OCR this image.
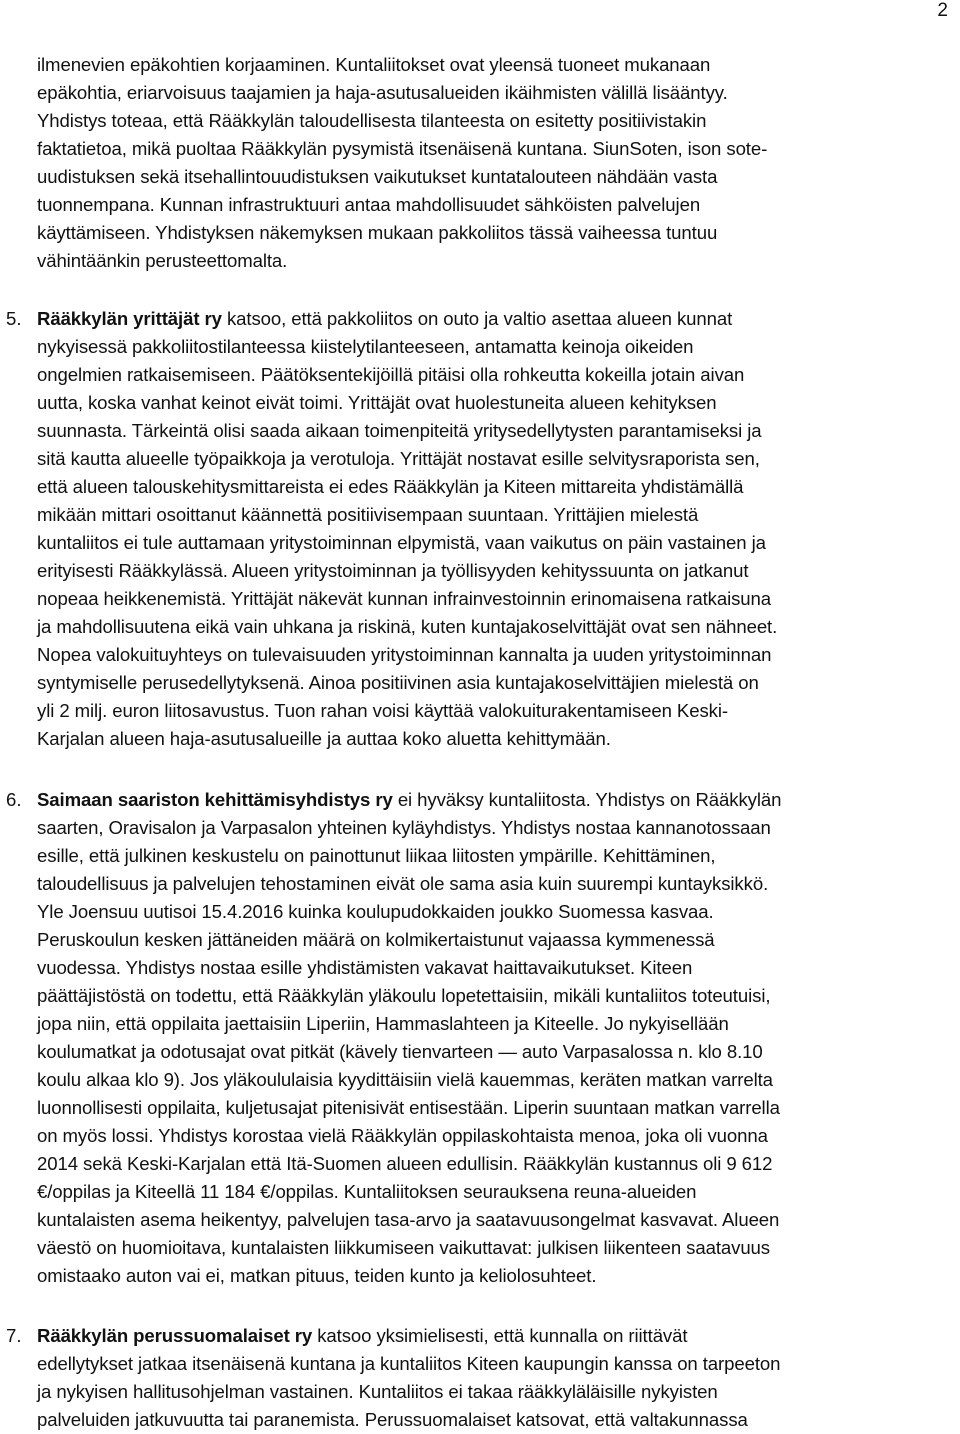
2
ilmenevien epäkohtien korjaaminen. Kuntaliitokset ovat yleensä tuoneet mukanaan
epäkohtia, eriarvoisuus taajamien ja haja-asutusalueiden ikäihmisten välillä lisääntyy.
Yhdistys toteaa, että Rääkkylän taloudellisesta tilanteesta on esitetty positiivistakin
faktatietoa, mikä puoltaa Rääkkylän pysymistä itsenäisenä kuntana. SiunSoten, ison sote-
uudistuksen sekä itsehallintouudistuksen vaikutukset kuntatalouteen nähdään vasta
tuonnempana. Kunnan infrastruktuuri antaa mahdollisuudet sähköisten palvelujen
käyttämiseen. Yhdistyksen näkemyksen mukaan pakkoliitos tässä vaiheessa tuntuu
vähintäänkin perusteettomalta.
5. Rääkkylän yrittäjät ry katsoo, että pakkoliitos on outo ja valtio asettaa alueen kunnat
nykyisessä pakkoliitostilanteessa kiistelytilanteeseen, antamatta keinoja oikeiden
ongelmien ratkaisemiseen. Päätöksentekijöillä pitäisi olla rohkeutta kokeilla jotain aivan
uutta, koska vanhat keinot eivät toimi. Yrittäjät ovat huolestuneita alueen kehityksen
suunnasta. Tärkeintä olisi saada aikaan toimenpiteitä yritysedellytysten parantamiseksi ja
sitä kautta alueelle työpaikkoja ja verotuloja. Yrittäjät nostavat esille selvitysraporista sen,
että alueen talouskehitysmittareista ei edes Rääkkylän ja Kiteen mittareita yhdistämällä
mikään mittari osoittanut käännettä positiivisempaan suuntaan. Yrittäjien mielestä
kuntaliitos ei tule auttamaan yritystoiminnan elpymistä, vaan vaikutus on päin vastainen ja
erityisesti Rääkkylässä. Alueen yritystoiminnan ja työllisyyden kehityssuunta on jatkanut
nopeaa heikkenemistä. Yrittäjät näkevät kunnan infrainvestoinnin erinomaisena ratkaisuna
ja mahdollisuutena eikä vain uhkana ja riskinä, kuten kuntajakoselvittäjät ovat sen nähneet.
Nopea valokuituyhteys on tulevaisuuden yritystoiminnan kannalta ja uuden yritystoiminnan
syntymiselle perusedellytyksenä. Ainoa positiivinen asia kuntajakoselvittäjien mielestä on
yli 2 milj. euron liitosavustus. Tuon rahan voisi käyttää valokuiturakentamiseen Keski-
Karjalan alueen haja-asutusalueille ja auttaa koko aluetta kehittymään.
6. Saimaan saariston kehittämisyhdistys ry ei hyväksy kuntaliitosta. Yhdistys on Rääkkylän
saarten, Oravisalon ja Varpasalon yhteinen kyläyhdistys. Yhdistys nostaa kannanotossaan
esille, että julkinen keskustelu on painottunut liikaa liitosten ympärille. Kehittäminen,
taloudellisuus ja palvelujen tehostaminen eivät ole sama asia kuin suurempi kuntayksikkö.
Yle Joensuu uutisoi 15.4.2016 kuinka koulupudokkaiden joukko Suomessa kasvaa.
Peruskoulun kesken jättäneiden määrä on kolmikertaistunut vajaassa kymmenessä
vuodessa. Yhdistys nostaa esille yhdistämisten vakavat haittavaikutukset. Kiteen
päättäjistöstä on todettu, että Rääkkylän yläkoulu lopetettaisiin, mikäli kuntaliitos toteutuisi,
jopa niin, että oppilaita jaettaisiin Liperiin, Hammaslahteen ja Kiteelle. Jo nykyisellään
koulumatkat ja odotusajat ovat pitkät (kävely tienvarteen — auto Varpasalossa n. klo 8.10
koulu alkaa klo 9). Jos yläkoululaisia kyydittäisiin vielä kauemmas, keräten matkan varrelta
luonnollisesti oppilaita, kuljetusajat pitenisivät entisestään. Liperin suuntaan matkan varrella
on myös lossi. Yhdistys korostaa vielä Rääkkylän oppilaskohtaista menoa, joka oli vuonna
2014 sekä Keski-Karjalan että Itä-Suomen alueen edullisin. Rääkkylän kustannus oli 9 612
€/oppilas ja Kiteellä 11 184 €/oppilas. Kuntaliitoksen seurauksena reuna-alueiden
kuntalaisten asema heikentyy, palvelujen tasa-arvo ja saatavuusongelmat kasvavat. Alueen
väestö on huomioitava, kuntalaisten liikkumiseen vaikuttavat: julkisen liikenteen saatavuus
omistaako auton vai ei, matkan pituus, teiden kunto ja keliolosuhteet.
7. Rääkkylän perussuomalaiset ry katsoo yksimielisesti, että kunnalla on riittävät
edellytykset jatkaa itsenäisenä kuntana ja kuntaliitos Kiteen kaupungin kanssa on tarpeeton
ja nykyisen hallitusohjelman vastainen. Kuntaliitos ei takaa rääkkyläläisille nykyisten
palveluiden jatkuvuutta tai paranemista. Perussuomalaiset katsovat, että valtakunnassa
